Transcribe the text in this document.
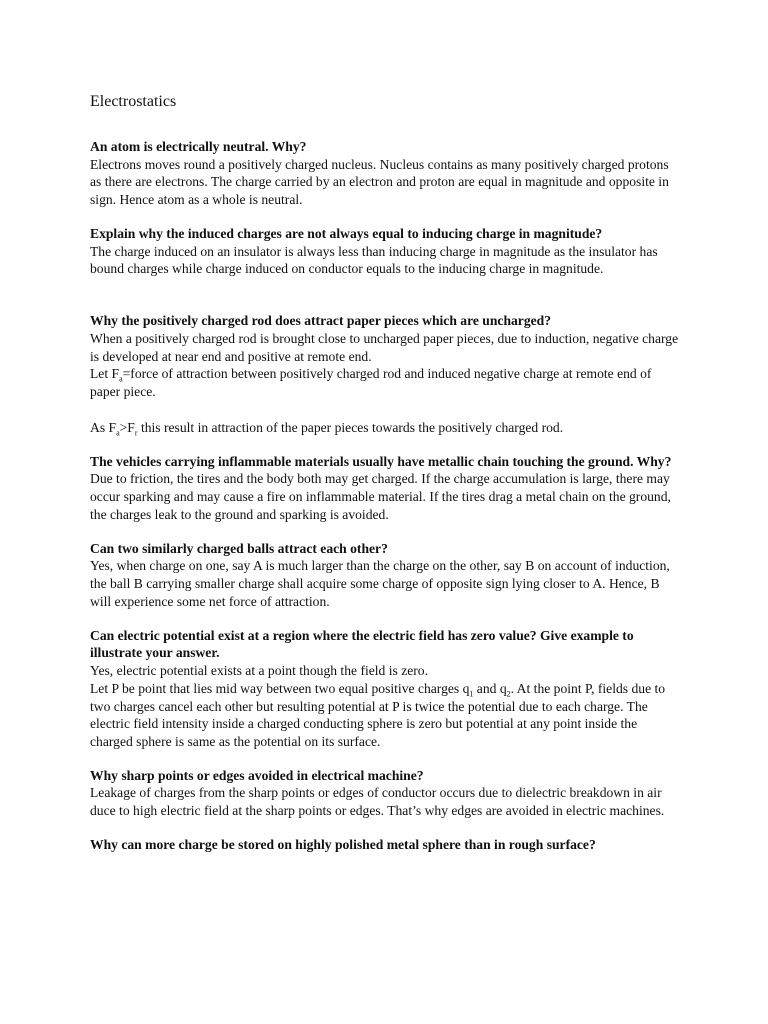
Electrostatics

An atom is electrically neutral. Why?

Electrons moves round a positively charged nucleus. Nucleus contains as many positively charged protons as there are electrons. The charge carried by an electron and proton are equal in magnitude and opposite in sign. Hence atom as a whole is neutral.

Explain why the induced charges are not always equal to inducing charge in magnitude?

The charge induced on an insulator is always less than inducing charge in magnitude as the insulator has bound charges while charge induced on conductor equals to the inducing charge in magnitude.

Why the positively charged rod does attract paper pieces which are uncharged?

When a positively charged rod is brought close to uncharged paper pieces, due to induction, negative charge is developed at near end and positive at remote end.

Let $F_a=force$ of attraction between positively charged rod and induced negative charge at remote end of paper piece.

As $F_a>F_r$ this result in attraction of the paper pieces towards the positively charged rod.

The vehicles carrying inflammable materials usually have metallic chain touching the ground. Why?

Due to friction, the tires and the body both may get charged. If the charge accumulation is large, there may occur sparking and may cause a fire on inflammable material. If the tires drag a metal chain on the ground, the charges leak to the ground and sparking is avoided.

Can two similarly charged balls attract each other?

Yes, when charge on one, say A is much larger than the charge on the other, say B on account of induction, the ball B carrying smaller charge shall acquire some charge of opposite sign lying closer to A. Hence, B will experience some net force of attraction.

Can electric potential exist at a region where the electric field has zero value? Give example to illustrate your answer.

Yes, electric potential exists at a point though the field is zero.

Let P be point that lies mid way between two equal positive charges $q_1$ and $q_2$. At the point P, fields due to two charges cancel each other but resulting potential at P is twice the potential due to each charge. The electric field intensity inside a charged conducting sphere is zero but potential at any point inside the charged sphere is same as the potential on its surface.

Why sharp points or edges avoided in electrical machine?

Leakage of charges from the sharp points or edges of conductor occurs due to dielectric breakdown in air duce to high electric field at the sharp points or edges. That’s why edges are avoided in electric machines.

Why can more charge be stored on highly polished metal sphere than in rough surface?
